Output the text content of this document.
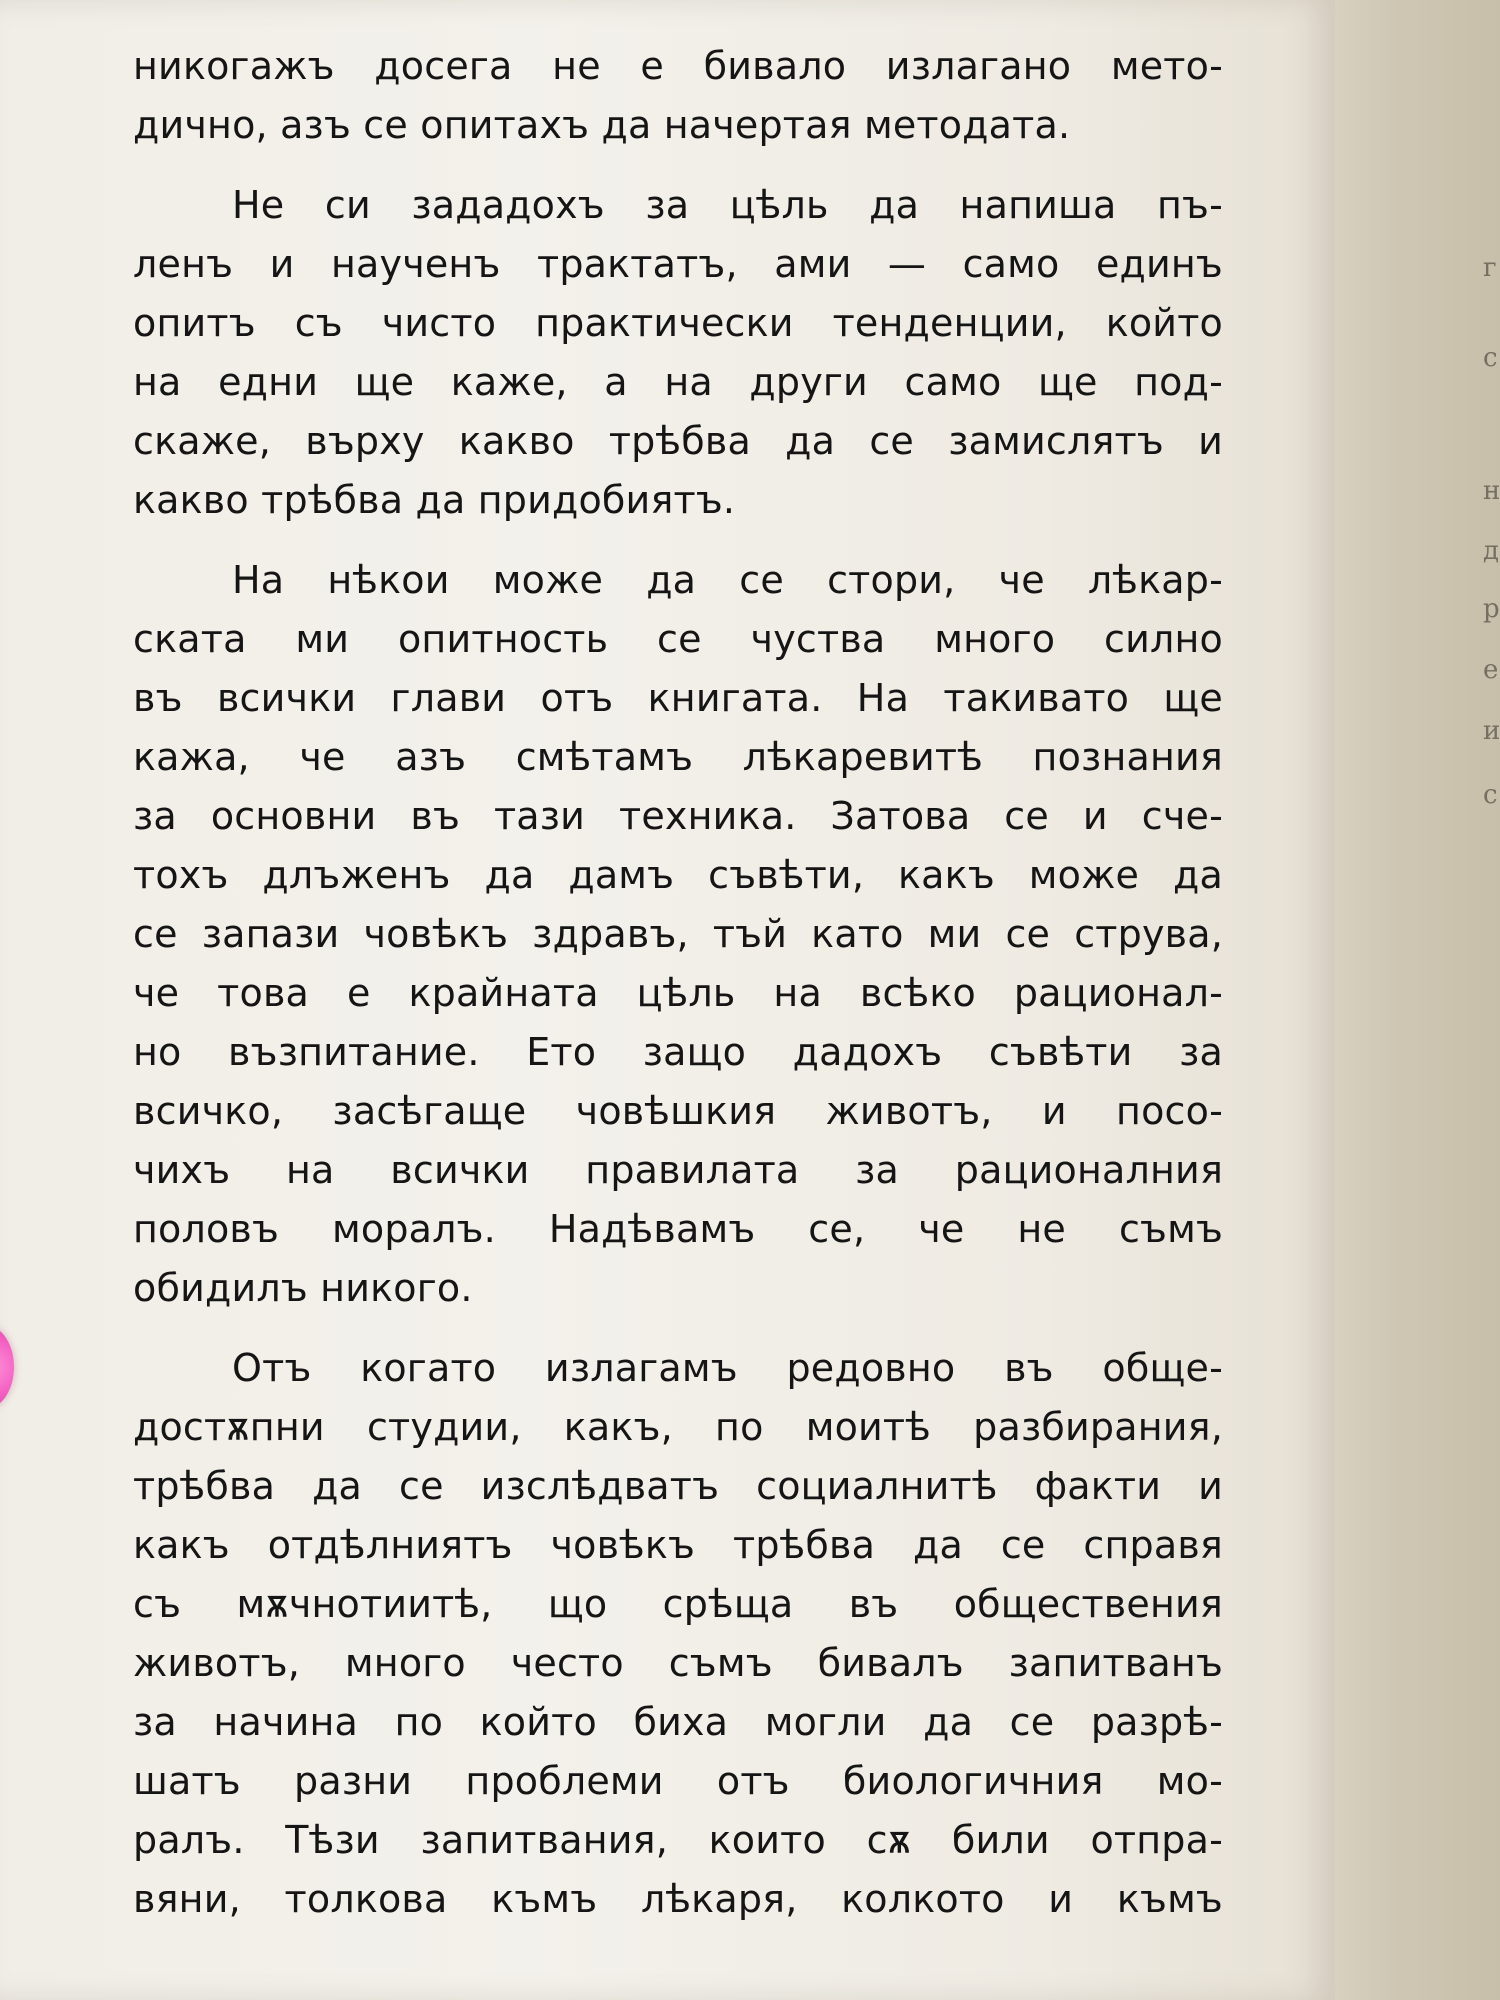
г
с
н
д
р
е
и
с
никогажъ досега не е бивало излагано мето-
дично, азъ се опитахъ да начертая методата.
Не си зададохъ за цѣль да напиша пъ-
ленъ и наученъ трактатъ, ами — само единъ
опитъ съ чисто практически тенденции, който
на едни ще каже, а на други само ще под-
скаже, върху какво трѣбва да се замислятъ и
какво трѣбва да придобиятъ.
На нѣкои може да се стори, че лѣкар-
ската ми опитность се чуства много силно
въ всички глави отъ книгата. На такивато ще
кажа, че азъ смѣтамъ лѣкаревитѣ познания
за основни въ тази техника. Затова се и сче-
тохъ длъженъ да дамъ съвѣти, какъ може да
се запази човѣкъ здравъ, тъй като ми се струва,
че това е крайната цѣль на всѣко рационал-
но възпитание. Ето защо дадохъ съвѣти за
всичко, засѣгаще човѣшкия животъ, и посо-
чихъ на всички правилата за рационалния
половъ моралъ. Надѣвамъ се, че не съмъ
обидилъ никого.
Отъ когато излагамъ редовно въ обще-
достѫпни студии, какъ, по моитѣ разбирания,
трѣбва да се изслѣдватъ социалнитѣ факти и
какъ отдѣлниятъ човѣкъ трѣбва да се справя
съ мѫчнотиитѣ, що срѣща въ обществения
животъ, много често съмъ бивалъ запитванъ
за начина по който биха могли да се разрѣ-
шатъ разни проблеми отъ биологичния мо-
ралъ. Тѣзи запитвания, които сѫ били отпра-
вяни, толкова къмъ лѣкаря, колкото и къмъ
